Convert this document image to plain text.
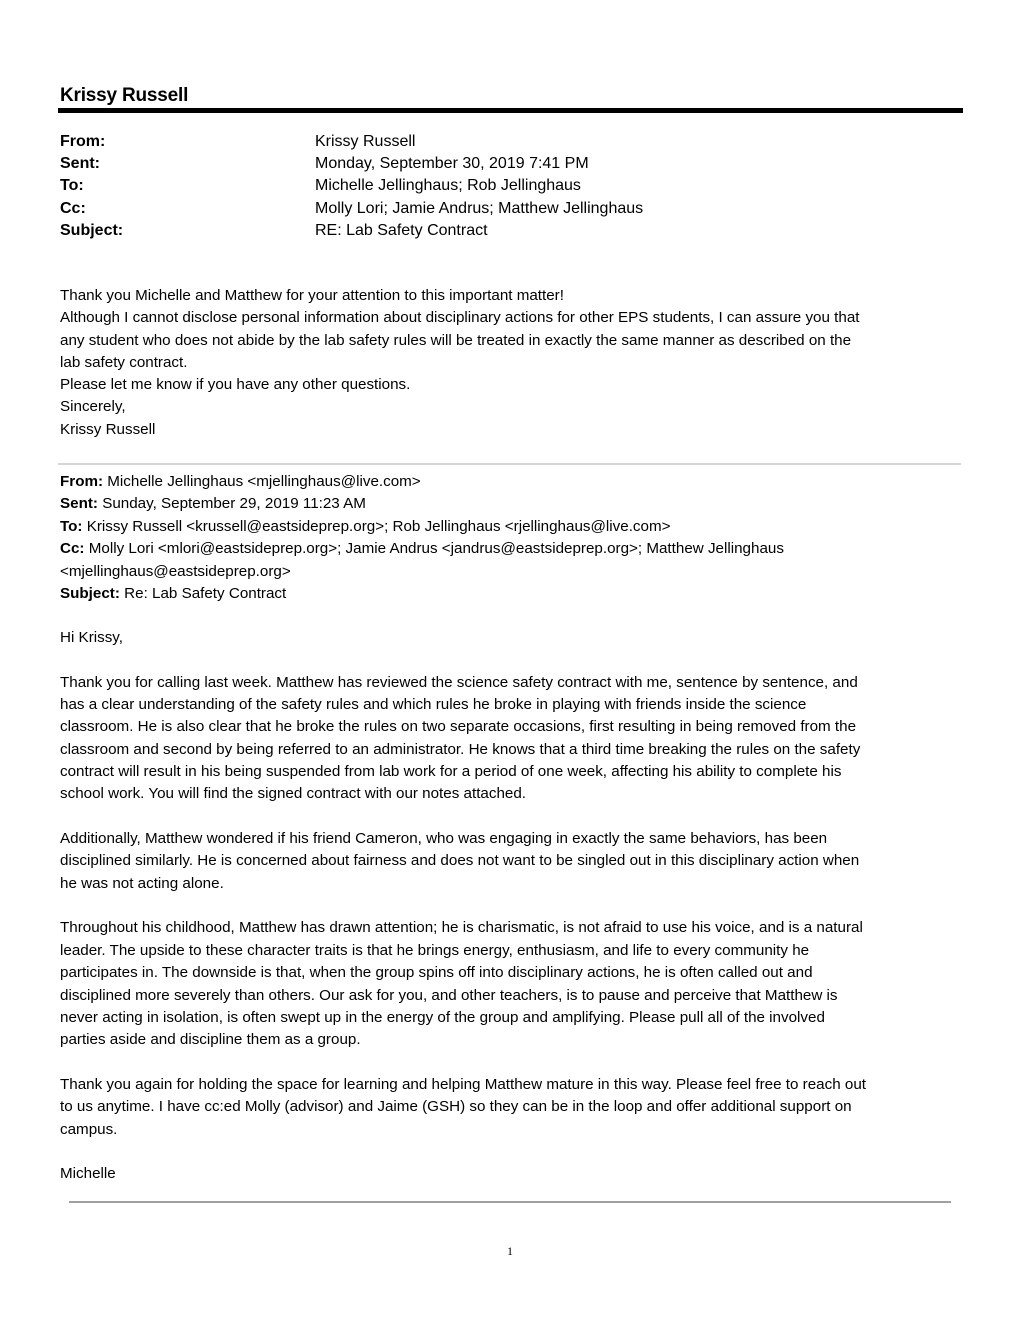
Krissy Russell
From:	Krissy Russell
Sent:	Monday, September 30, 2019 7:41 PM
To:	Michelle Jellinghaus; Rob Jellinghaus
Cc:	Molly Lori; Jamie Andrus; Matthew Jellinghaus
Subject:	RE: Lab Safety Contract
Thank you Michelle and Matthew for your attention to this important matter!
Although I cannot disclose personal information about disciplinary actions for other EPS students, I can assure you that
any student who does not abide by the lab safety rules will be treated in exactly the same manner as described on the
lab safety contract.
Please let me know if you have any other questions.
Sincerely,
Krissy Russell
From: Michelle Jellinghaus <mjellinghaus@live.com>
Sent: Sunday, September 29, 2019 11:23 AM
To: Krissy Russell <krussell@eastsideprep.org>; Rob Jellinghaus <rjellinghaus@live.com>
Cc: Molly Lori <mlori@eastsideprep.org>; Jamie Andrus <jandrus@eastsideprep.org>; Matthew Jellinghaus
<mjellinghaus@eastsideprep.org>
Subject: Re: Lab Safety Contract
Hi Krissy,
Thank you for calling last week. Matthew has reviewed the science safety contract with me, sentence by sentence, and
has a clear understanding of the safety rules and which rules he broke in playing with friends inside the science
classroom. He is also clear that he broke the rules on two separate occasions, first resulting in being removed from the
classroom and second by being referred to an administrator. He knows that a third time breaking the rules on the safety
contract will result in his being suspended from lab work for a period of one week, affecting his ability to complete his
school work. You will find the signed contract with our notes attached.
Additionally, Matthew wondered if his friend Cameron, who was engaging in exactly the same behaviors, has been
disciplined similarly. He is concerned about fairness and does not want to be singled out in this disciplinary action when
he was not acting alone.
Throughout his childhood, Matthew has drawn attention; he is charismatic, is not afraid to use his voice, and is a natural
leader. The upside to these character traits is that he brings energy, enthusiasm, and life to every community he
participates in. The downside is that, when the group spins off into disciplinary actions, he is often called out and
disciplined more severely than others. Our ask for you, and other teachers, is to pause and perceive that Matthew is
never acting in isolation, is often swept up in the energy of the group and amplifying. Please pull all of the involved
parties aside and discipline them as a group.
Thank you again for holding the space for learning and helping Matthew mature in this way. Please feel free to reach out
to us anytime. I have cc:ed Molly (advisor) and Jaime (GSH) so they can be in the loop and offer additional support on
campus.
Michelle
1
